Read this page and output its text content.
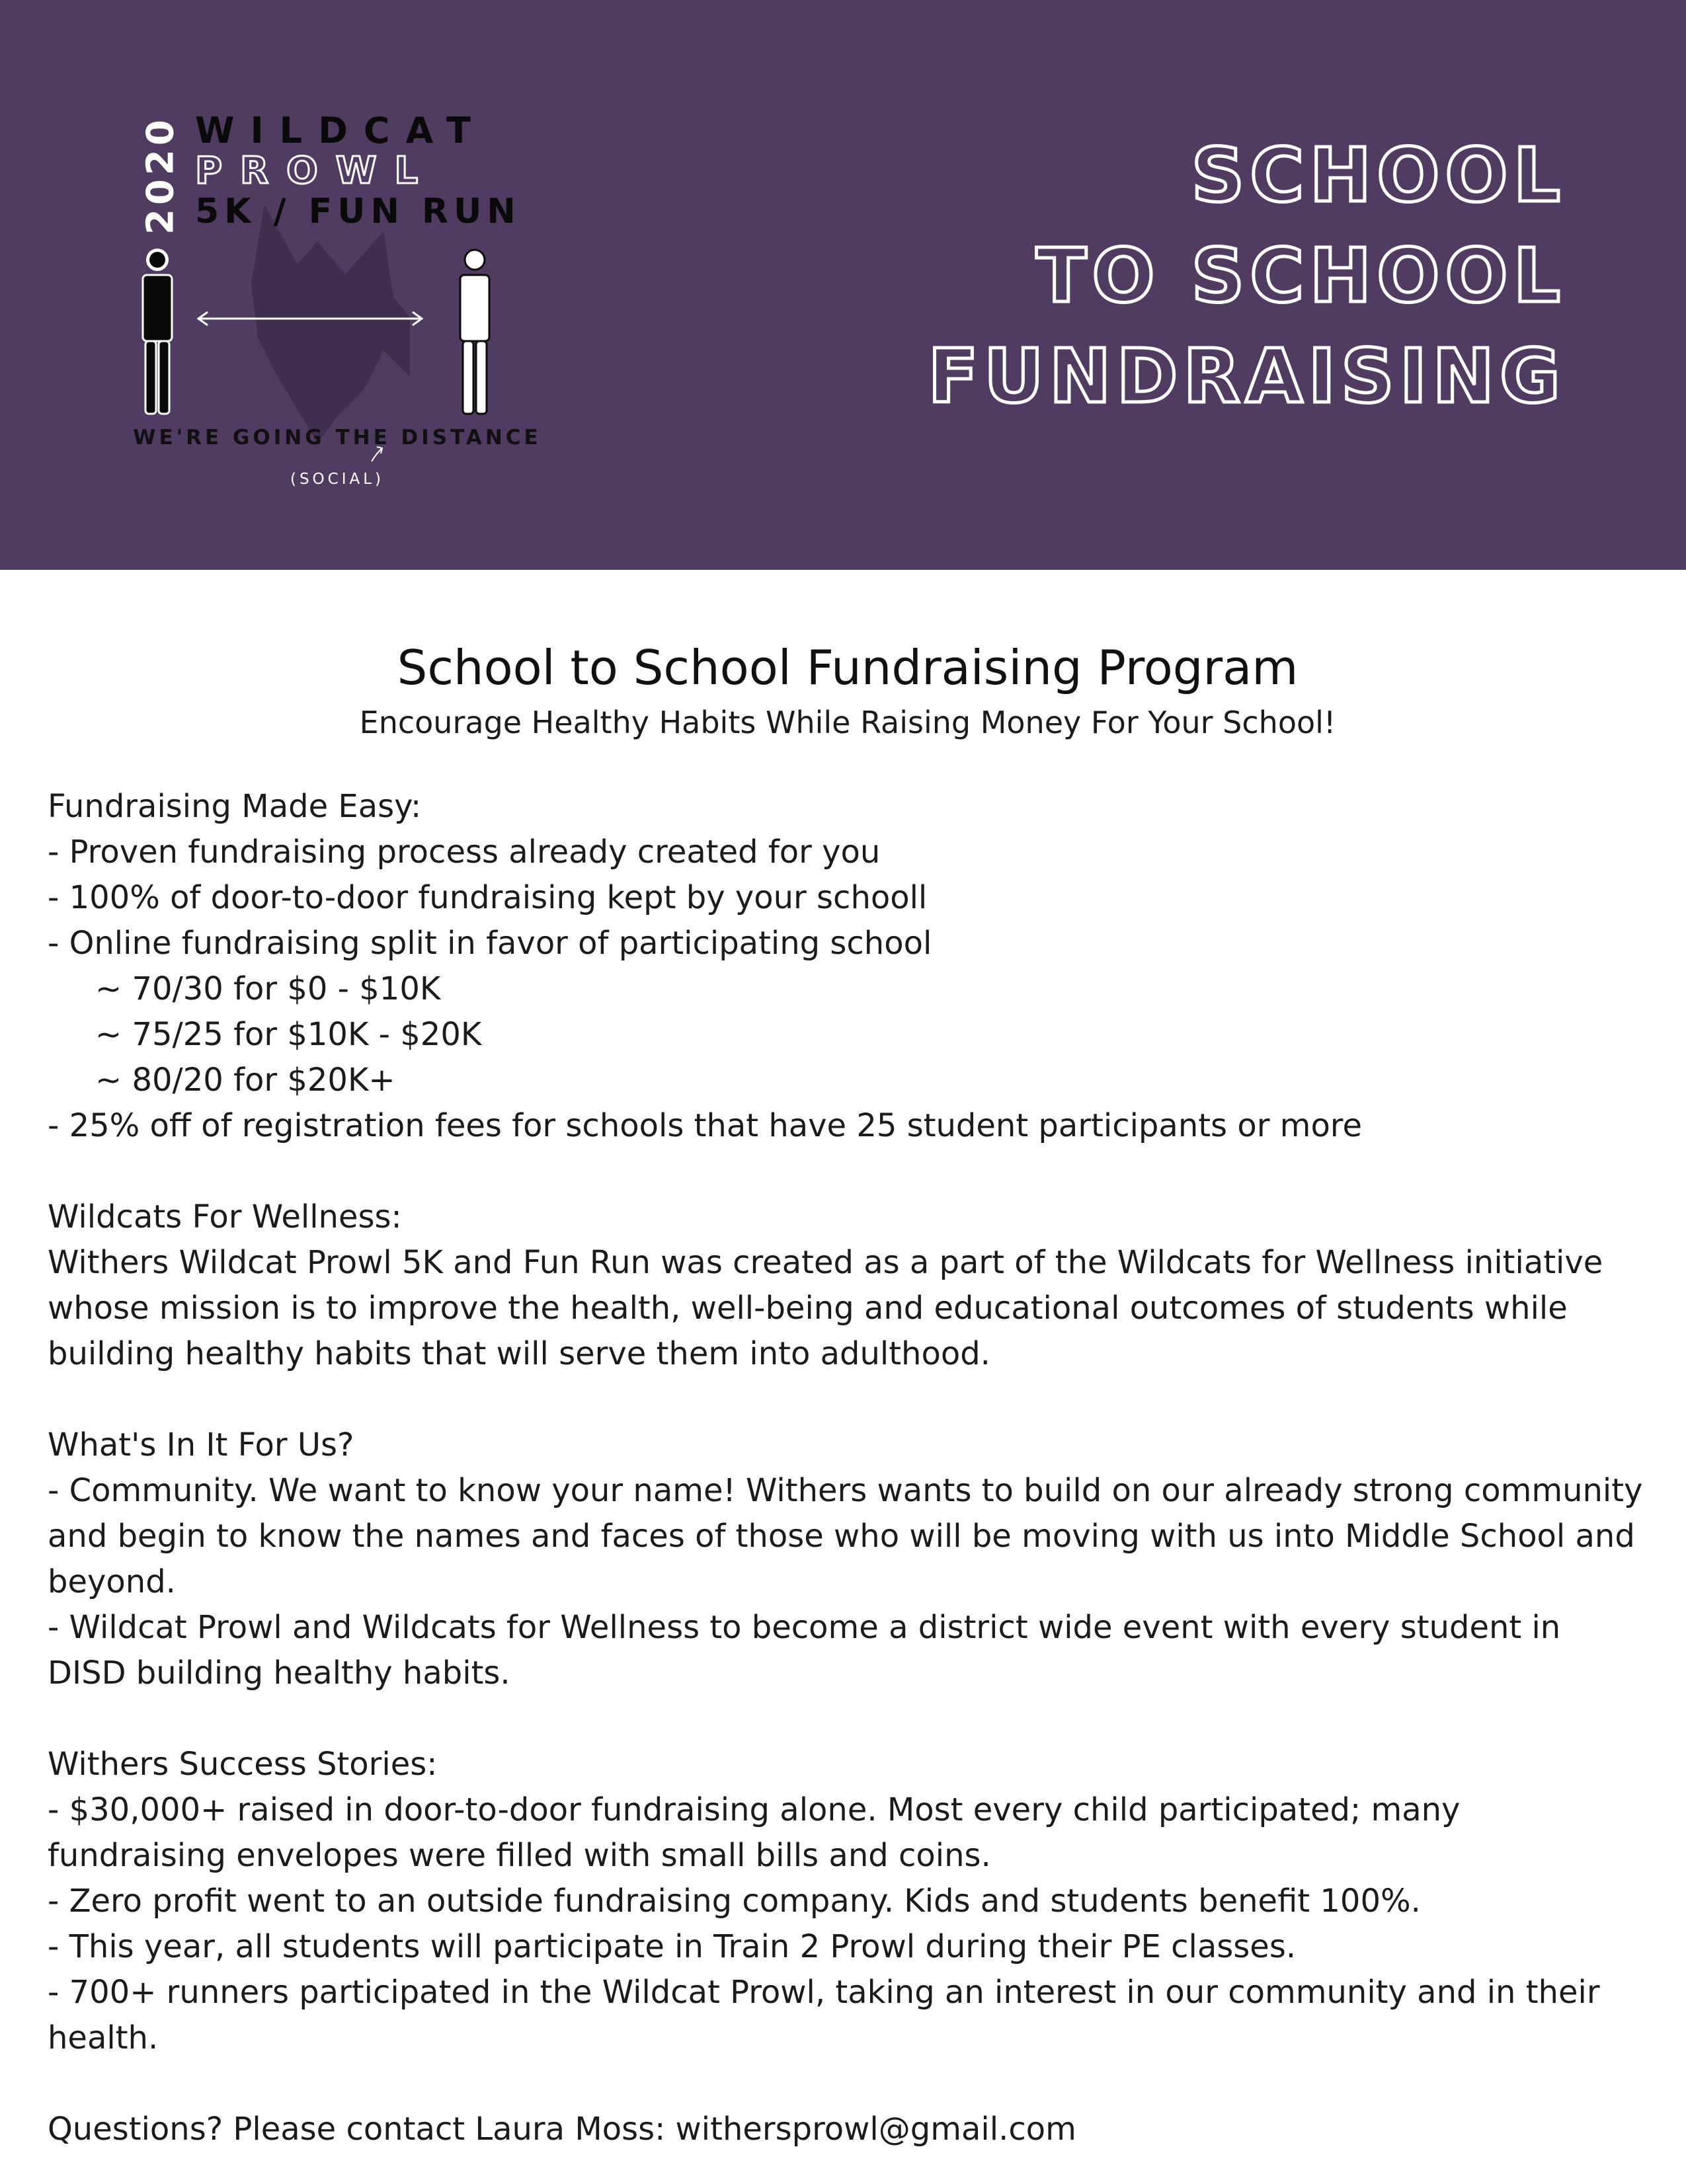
2020 WILDCAT
PROWL
5K / FUN RUN
WE'RE GOING THE DISTANCE
(SOCIAL)
SCHOOL
TO SCHOOL
FUNDRAISING

School to School Fundraising Program

Encourage Healthy Habits While Raising Money For Your School!

Fundraising Made Easy:

- Proven fundraising process already created for you

- 100% of door-to-door fundraising kept by your schooll

- Online fundraising split in favor of participating school

~ 70/30 for $0 - $10K

~ 75/25 for $10K - $20K

~ 80/20 for $20K+

- 25% off of registration fees for schools that have 25 student participants or more

Wildcats For Wellness:

Withers Wildcat Prowl 5K and Fun Run was created as a part of the Wildcats for Wellness initiative whose mission is to improve the health, well-being and educational outcomes of students while building healthy habits that will serve them into adulthood.

What's In It For Us?

- Community. We want to know your name! Withers wants to build on our already strong community and begin to know the names and faces of those who will be moving with us into Middle School and beyond.

- Wildcat Prowl and Wildcats for Wellness to become a district wide event with every student in DISD building healthy habits.

Withers Success Stories:

- $30,000+ raised in door-to-door fundraising alone. Most every child participated; many fundraising envelopes were filled with small bills and coins.

- Zero profit went to an outside fundraising company. Kids and students benefit 100%.

- This year, all students will participate in Train 2 Prowl during their PE classes.

- 700+ runners participated in the Wildcat Prowl, taking an interest in our community and in their health.

Questions? Please contact Laura Moss: withersprowl@gmail.com
